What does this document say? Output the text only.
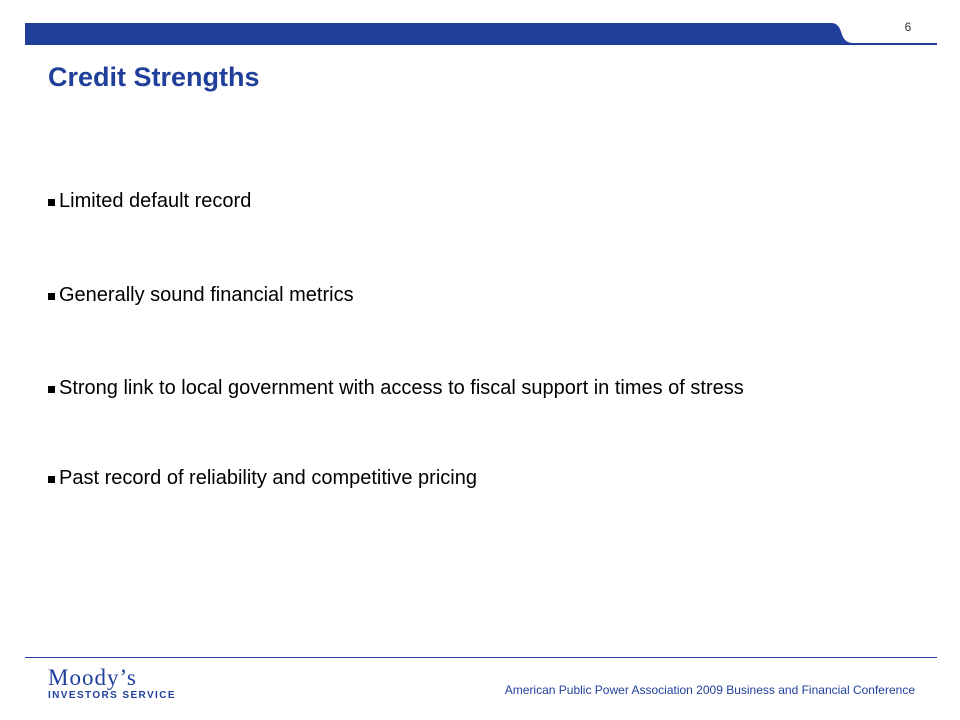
6
Credit Strengths
Limited default record
Generally sound financial metrics
Strong link to local government with access to fiscal support in times of stress
Past record of reliability and competitive pricing
Moody’s
INVESTORS SERVICE	American Public Power Association 2009 Business and Financial Conference
